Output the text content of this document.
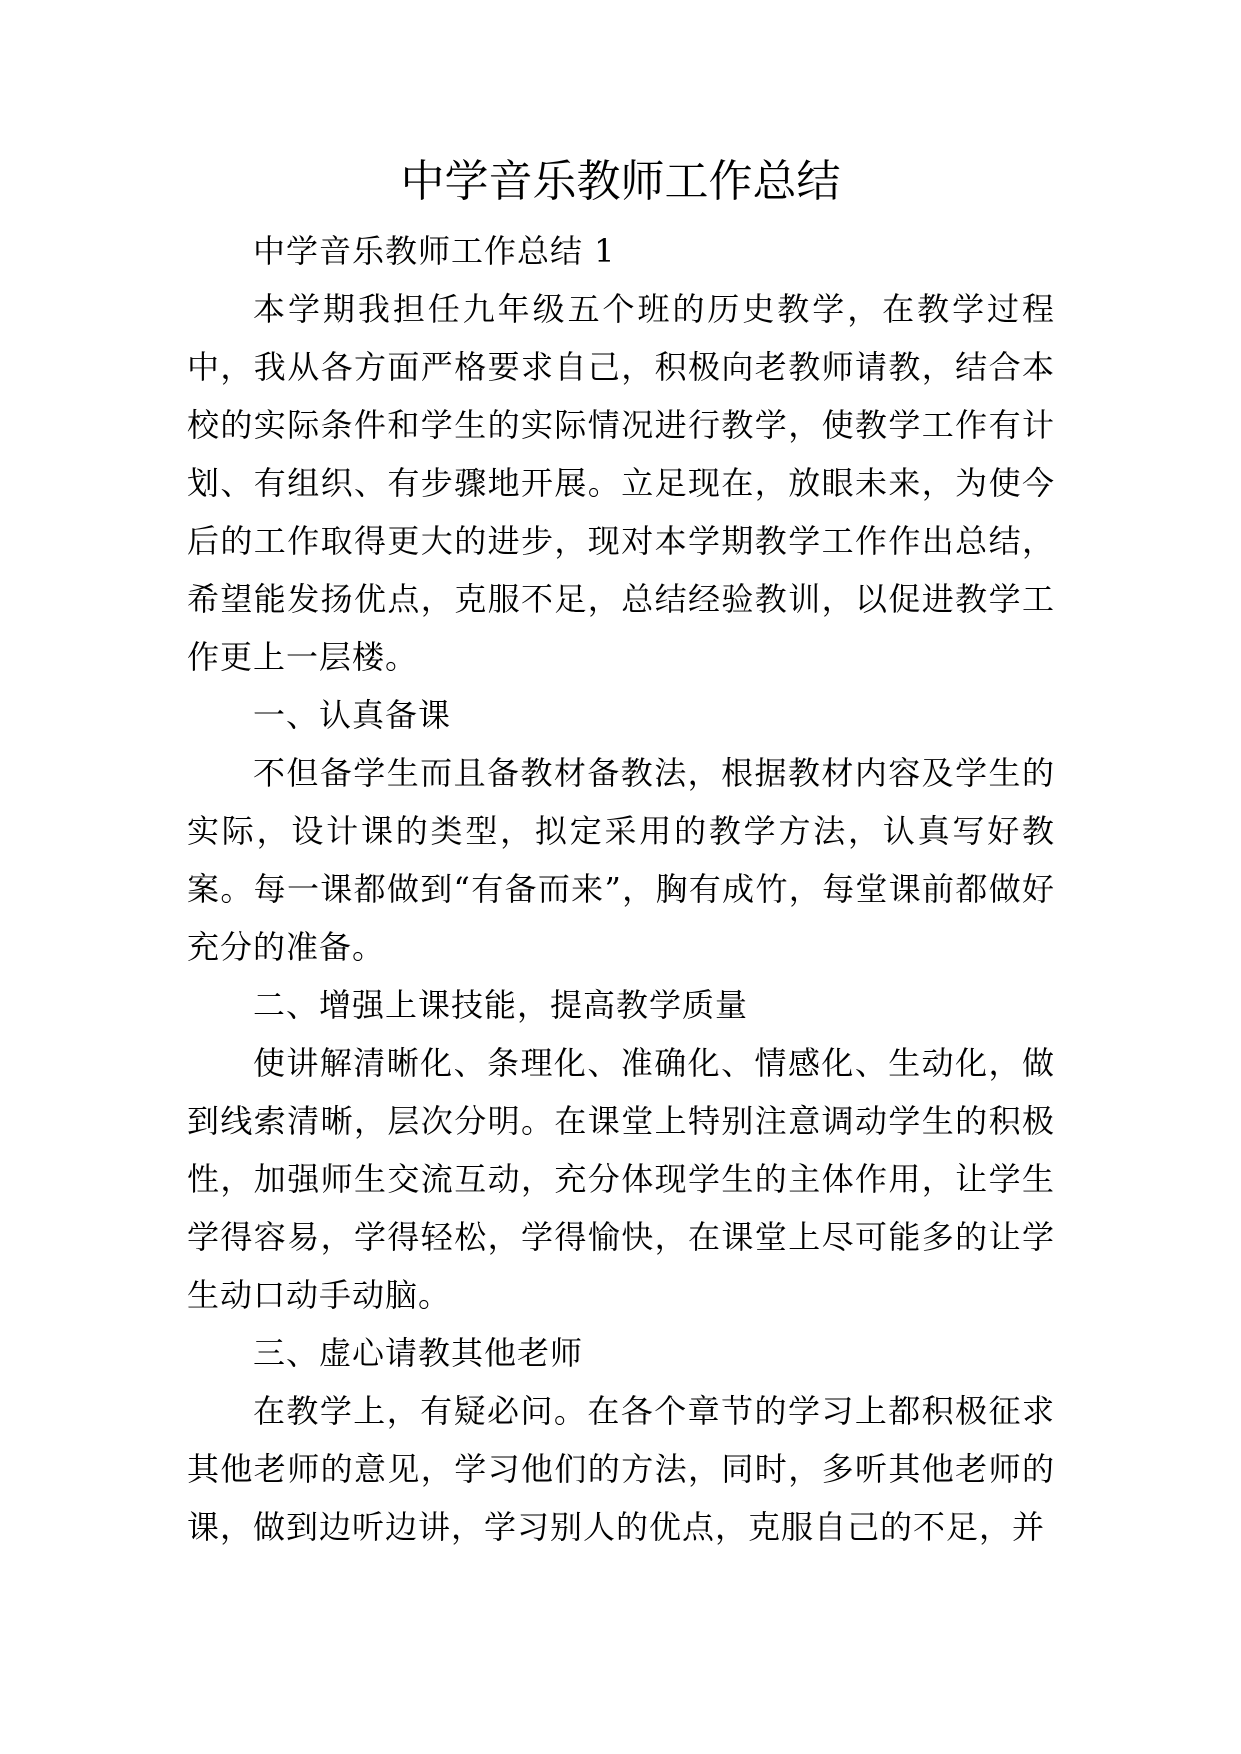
中学音乐教师工作总结

中学音乐教师工作总结 1

本学期我担任九年级五个班的历史教学，在教学过程中，我从各方面严格要求自己，积极向老教师请教，结合本校的实际条件和学生的实际情况进行教学，使教学工作有计划、有组织、有步骤地开展。立足现在，放眼未来，为使今后的工作取得更大的进步，现对本学期教学工作作出总结，希望能发扬优点，克服不足，总结经验教训，以促进教学工作更上一层楼。

一、认真备课

不但备学生而且备教材备教法，根据教材内容及学生的实际，设计课的类型，拟定采用的教学方法，认真写好教案。每一课都做到“有备而来”，胸有成竹，每堂课前都做好充分的准备。

二、增强上课技能，提高教学质量

使讲解清晰化、条理化、准确化、情感化、生动化，做到线索清晰，层次分明。在课堂上特别注意调动学生的积极性，加强师生交流互动，充分体现学生的主体作用，让学生学得容易，学得轻松，学得愉快，在课堂上尽可能多的让学生动口动手动脑。

三、虚心请教其他老师

在教学上，有疑必问。在各个章节的学习上都积极征求其他老师的意见，学习他们的方法，同时，多听其他老师的课，做到边听边讲，学习别人的优点，克服自己的不足，并
